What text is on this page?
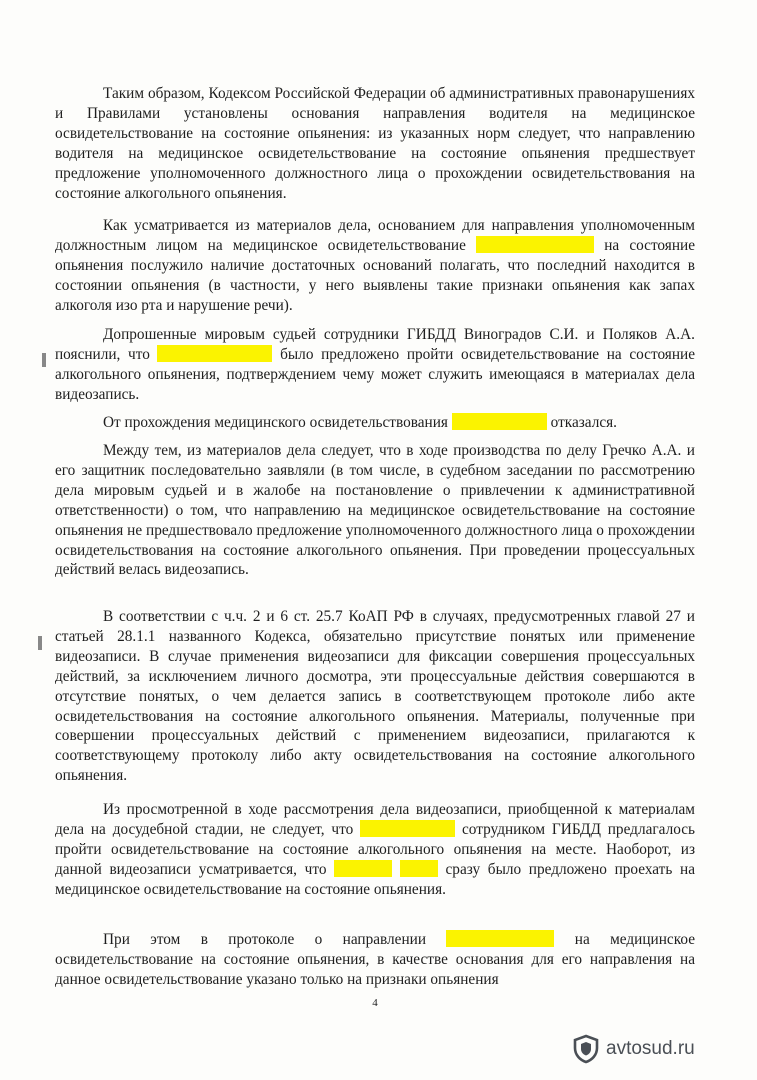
Таким образом, Кодексом Российской Федерации об административных правонарушениях и Правилами установлены основания направления водителя на медицинское освидетельствование на состояние опьянения: из указанных норм следует, что направлению водителя на медицинское освидетельствование на состояние опьянения предшествует предложение уполномоченного должностного лица о прохождении освидетельствования на состояние алкогольного опьянения.

Как усматривается из материалов дела, основанием для направления уполномоченным должностным лицом на медицинское освидетельствование	на состояние опьянения послужило наличие достаточных оснований полагать, что последний находится в состоянии опьянения (в частности, у него выявлены такие признаки опьянения как запах алкоголя изо рта и нарушение речи).

Допрошенные мировым судьей сотрудники ГИБДД Виноградов С.И. и Поляков А.А. пояснили, что	было предложено пройти освидетельствование на состояние алкогольного опьянения, подтверждением чему может служить имеющаяся в материалах дела видеозапись.

От прохождения медицинского освидетельствования	отказался.

Между тем, из материалов дела следует, что в ходе производства по делу Гречко А.А. и его защитник последовательно заявляли (в том числе, в судебном заседании по рассмотрению дела мировым судьей и в жалобе на постановление о привлечении к административной ответственности) о том, что направлению на медицинское освидетельствование на состояние опьянения не предшествовало предложение уполномоченного должностного лица о прохождении освидетельствования на состояние алкогольного опьянения. При проведении процессуальных действий велась видеозапись.

В соответствии с ч.ч. 2 и 6 ст. 25.7 КоАП РФ в случаях, предусмотренных главой 27 и статьей 28.1.1 названного Кодекса, обязательно присутствие понятых или применение видеозаписи. В случае применения видеозаписи для фиксации совершения процессуальных действий, за исключением личного досмотра, эти процессуальные действия совершаются в отсутствие понятых, о чем делается запись в соответствующем протоколе либо акте освидетельствования на состояние алкогольного опьянения. Материалы, полученные при совершении процессуальных действий с применением видеозаписи, прилагаются к соответствующему протоколу либо акту освидетельствования на состояние алкогольного опьянения.

Из просмотренной в ходе рассмотрения дела видеозаписи, приобщенной к материалам дела на досудебной стадии, не следует, что	сотрудником ГИБДД предлагалось пройти освидетельствование на состояние алкогольного опьянения на месте. Наоборот, из данной видеозаписи усматривается, что	сразу было предложено проехать на медицинское освидетельствование на состояние опьянения.

При этом в протоколе о направлении	на медицинское освидетельствование на состояние опьянения, в качестве основания для его направления на данное освидетельствование указано только на признаки опьянения

4
avtosud.ru
